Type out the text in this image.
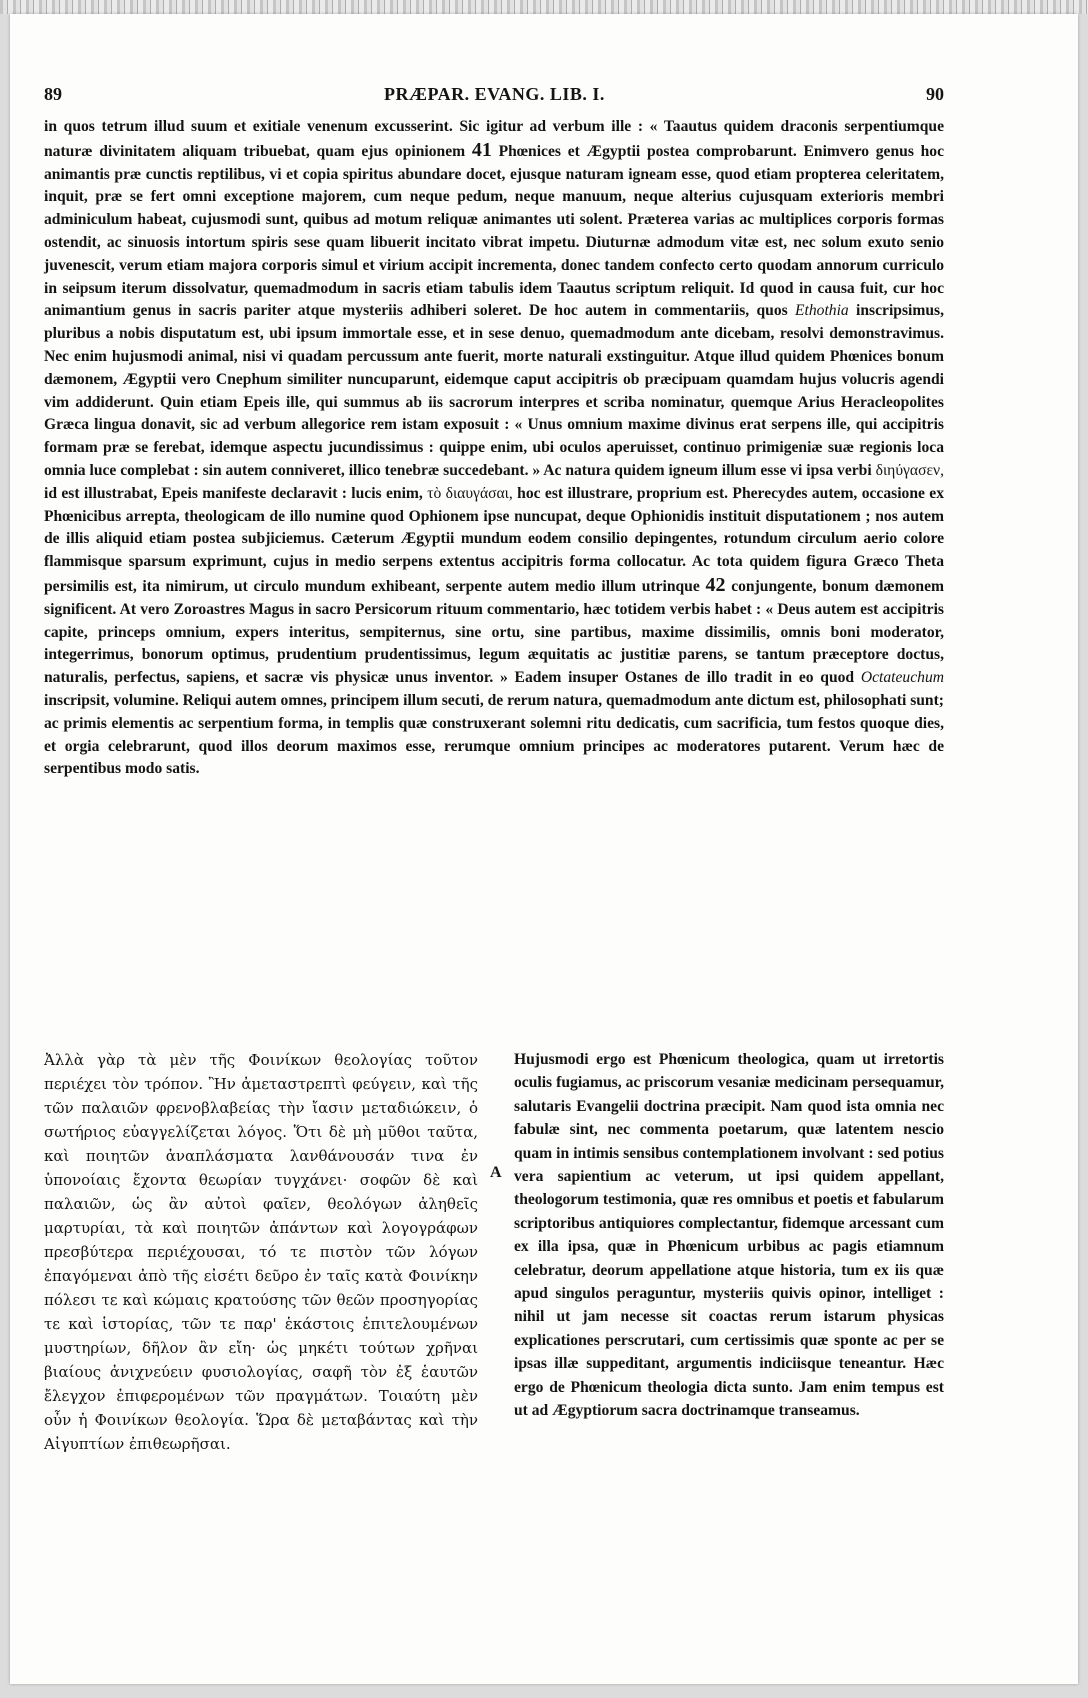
89	PRÆPAR. EVANG. LIB. I.	90

in quos tetrum illud suum et exitiale venenum excusserint. Sic igitur ad verbum ille : « Taautus quidem draconis serpentiumque naturæ divinitatem aliquam tribuebat, quam ejus opinionem 41 Phœnices et Ægyptii postea comprobarunt. Enimvero genus hoc animantis præ cunctis reptilibus, vi et copia spiritus abundare docet, ejusque naturam igneam esse, quod etiam propterea celeritatem, inquit, præ se fert omni exceptione majorem, cum neque pedum, neque manuum, neque alterius cujusquam exterioris membri adminiculum habeat, cujusmodi sunt, quibus ad motum reliquæ animantes uti solent. Præterea varias ac multiplices corporis formas ostendit, ac sinuosis intortum spiris sese quam libuerit incitato vibrat impetu. Diuturnæ admodum vitæ est, nec solum exuto senio juvenescit, verum etiam majora corporis simul et virium accipit incrementa, donec tandem confecto certo quodam annorum curriculo in seipsum iterum dissolvatur, quemadmodum in sacris etiam tabulis idem Taautus scriptum reliquit. Id quod in causa fuit, cur hoc animantium genus in sacris pariter atque mysteriis adhiberi soleret. De hoc autem in commentariis, quos Ethothia inscripsimus, pluribus a nobis disputatum est, ubi ipsum immortale esse, et in sese denuo, quemadmodum ante dicebam, resolvi demonstravimus. Nec enim hujusmodi animal, nisi vi quadam percussum ante fuerit, morte naturali exstinguitur. Atque illud quidem Phœnices bonum dæmonem, Ægyptii vero Cnephum similiter nuncuparunt, eidemque caput accipitris ob præcipuam quamdam hujus volucris agendi vim addiderunt. Quin etiam Epeis ille, qui summus ab iis sacrorum interpres et scriba nominatur, quemque Arius Heracleopolites Græca lingua donavit, sic ad verbum allegorice rem istam exposuit : « Unus omnium maxime divinus erat serpens ille, qui accipitris formam præ se ferebat, idemque aspectu jucundissimus : quippe enim, ubi oculos aperuisset, continuo primigeniæ suæ regionis loca omnia luce complebat : sin autem conniveret, illico tenebræ succedebant. » Ac natura quidem igneum illum esse vi ipsa verbi διηύγασεν, id est illustrabat, Epeis manifeste declaravit : lucis enim, τὸ διαυγάσαι, hoc est illustrare, proprium est. Pherecydes autem, occasione ex Phœnicibus arrepta, theologicam de illo numine quod Ophionem ipse nuncupat, deque Ophionidis instituit disputationem ; nos autem de illis aliquid etiam postea subjiciemus. Cæterum Ægyptii mundum eodem consilio depingentes, rotundum circulum aerio colore flammisque sparsum exprimunt, cujus in medio serpens extentus accipitris forma collocatur. Ac tota quidem figura Græco Theta persimilis est, ita nimirum, ut circulo mundum exhibeant, serpente autem medio illum utrinque 42 conjungente, bonum dæmonem significent. At vero Zoroastres Magus in sacro Persicorum rituum commentario, hæc totidem verbis habet : « Deus autem est accipitris capite, princeps omnium, expers interitus, sempiternus, sine ortu, sine partibus, maxime dissimilis, omnis boni moderator, integerrimus, bonorum optimus, prudentium prudentissimus, legum æquitatis ac justitiæ parens, se tantum præceptore doctus, naturalis, perfectus, sapiens, et sacræ vis physicæ unus inventor. » Eadem insuper Ostanes de illo tradit in eo quod Octateuchum inscripsit, volumine. Reliqui autem omnes, principem illum secuti, de rerum natura, quemadmodum ante dictum est, philosophati sunt; ac primis elementis ac serpentium forma, in templis quæ construxerant solemni ritu dedicatis, cum sacrificia, tum festos quoque dies, et orgia celebrarunt, quod illos deorum maximos esse, rerumque omnium principes ac moderatores putarent. Verum hæc de serpentibus modo satis.

Ἀλλὰ γὰρ τὰ μὲν τῆς Φοινίκων θεολογίας τοῦτον περιέχει τὸν τρόπον. Ἢν ἀμεταστρεπτὶ φεύγειν, καὶ τῆς τῶν παλαιῶν φρενοβλαβείας τὴν ἴασιν μεταδιώκειν, ὁ σωτήριος εὐαγγελίζεται λόγος. Ὅτι δὲ μὴ μῦθοι ταῦτα, καὶ ποιητῶν ἀναπλάσματα λανθάνουσάν τινα ἐν ὑπονοίαις ἔχοντα θεωρίαν τυγχάνει· σοφῶν δὲ καὶ παλαιῶν, ὡς ἂν αὐτοὶ φαῖεν, θεολόγων ἀληθεῖς μαρτυρίαι, τὰ καὶ ποιητῶν ἁπάντων καὶ λογογράφων πρεσβύτερα περιέχουσαι, τό τε πιστὸν τῶν λόγων ἐπαγόμεναι ἀπὸ τῆς εἰσέτι δεῦρο ἐν ταῖς κατὰ Φοινίκην πόλεσι τε καὶ κώμαις κρατούσης τῶν θεῶν προσηγορίας τε καὶ ἱστορίας, τῶν τε παρ' ἑκάστοις ἐπιτελουμένων μυστηρίων, δῆλον ἂν εἴη· ὡς μηκέτι τούτων χρῆναι βιαίους ἀνιχνεύειν φυσιολογίας, σαφῆ τὸν ἐξ ἑαυτῶν ἔλεγχον ἐπιφερομένων τῶν πραγμάτων. Τοιαύτη μὲν οὖν ἡ Φοινίκων θεολογία. Ὥρα δὲ μεταβάντας καὶ τὴν Αἰγυπτίων ἐπιθεωρῆσαι.

A

Hujusmodi ergo est Phœnicum theologica, quam ut irretortis oculis fugiamus, ac priscorum vesaniæ medicinam persequamur, salutaris Evangelii doctrina præcipit. Nam quod ista omnia nec fabulæ sint, nec commenta poetarum, quæ latentem nescio quam in intimis sensibus contemplationem involvant : sed potius vera sapientium ac veterum, ut ipsi quidem appellant, theologorum testimonia, quæ res omnibus et poetis et fabularum scriptoribus antiquiores complectantur, fidemque arcessant cum ex illa ipsa, quæ in Phœnicum urbibus ac pagis etiamnum celebratur, deorum appellatione atque historia, tum ex iis quæ apud singulos peraguntur, mysteriis quivis opinor, intelliget : nihil ut jam necesse sit coactas rerum istarum physicas explicationes perscrutari, cum certissimis quæ sponte ac per se ipsas illæ suppeditant, argumentis indiciisque teneantur. Hæc ergo de Phœnicum theologia dicta sunto. Jam enim tempus est ut ad Ægyptiorum sacra doctrinamque transeamus.
